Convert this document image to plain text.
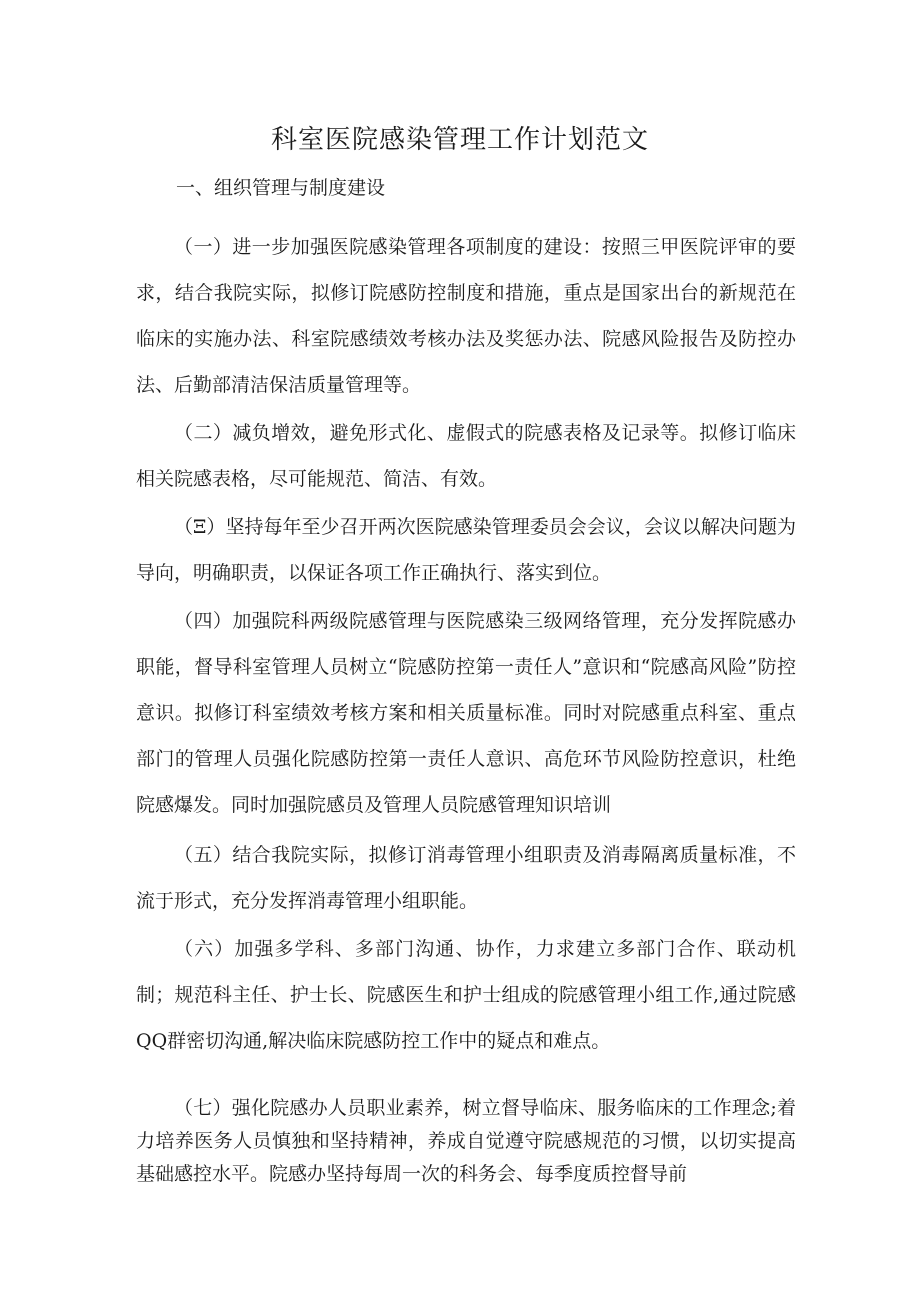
科室医院感染管理工作计划范文
一、组织管理与制度建设

（一）进一步加强医院感染管理各项制度的建设：按照三甲医院评审的要求，结合我院实际，拟修订院感防控制度和措施，重点是国家出台的新规范在临床的实施办法、科室院感绩效考核办法及奖惩办法、院感风险报告及防控办法、后勤部清洁保洁质量管理等。

（二）减负增效，避免形式化、虚假式的院感表格及记录等。拟修订临床相关院感表格，尽可能规范、简洁、有效。

（Ξ）坚持每年至少召开两次医院感染管理委员会会议，会议以解决问题为导向，明确职责，以保证各项工作正确执行、落实到位。

（四）加强院科两级院感管理与医院感染三级网络管理，充分发挥院感办职能，督导科室管理人员树立“院感防控第一责任人”意识和“院感高风险”防控意识。拟修订科室绩效考核方案和相关质量标准。同时对院感重点科室、重点部门的管理人员强化院感防控第一责任人意识、高危环节风险防控意识，杜绝院感爆发。同时加强院感员及管理人员院感管理知识培训

（五）结合我院实际，拟修订消毒管理小组职责及消毒隔离质量标准，不流于形式，充分发挥消毒管理小组职能。

（六）加强多学科、多部门沟通、协作，力求建立多部门合作、联动机制；规范科主任、护士长、院感医生和护士组成的院感管理小组工作,通过院感QQ群密切沟通,解决临床院感防控工作中的疑点和难点。

（七）强化院感办人员职业素养，树立督导临床、服务临床的工作理念;着力培养医务人员慎独和坚持精神，养成自觉遵守院感规范的习惯，以切实提高基础感控水平。院感办坚持每周一次的科务会、每季度质控督导前
